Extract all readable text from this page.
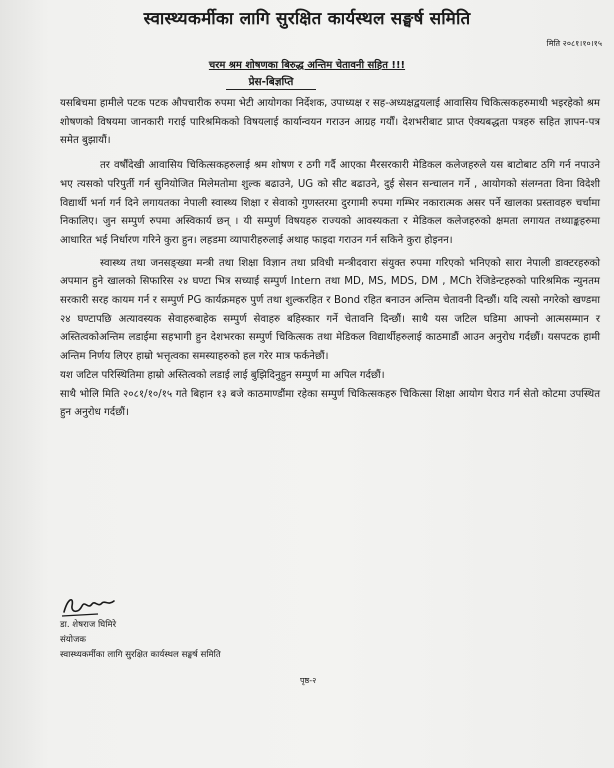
स्वास्थ्यकर्मीका लागि सुरक्षित कार्यस्थल सङ्घर्ष समिति
मिति २०८१।१०।१५
चरम श्रम शोषणका बिरुद्ध अन्तिम चेतावनी सहित !!!
प्रेस-बिज्ञप्ति

यसबिचमा हामीले पटक पटक औपचारीक रुपमा भेटी आयोगका निर्देशक, उपाध्यक्ष र सह-अध्यक्षद्वयलाई आवासिय चिकित्सकहरुमाथी भइरहेको श्रम शोषणको विषयमा जानकारी गराई पारिश्रमिकको विषयलाई कार्यान्वयन गराउन आग्रह गर्यौं। देशभरीबाट प्राप्त ऐक्यबद्धता पत्रहरु सहित ज्ञापन-पत्र समेत बुझायौं।

तर वर्षौंदेखी आवासिय चिकित्सकहरुलाई श्रम शोषण र ठगी गर्दै आएका मैरसरकारी मेडिकल कलेजहरुले यस बाटोबाट ठगि गर्न नपाउने भए त्यसको परिपुर्ती गर्न सुनियोजित मिलेमतोमा शुल्क बढाउने, UG को सीट बढाउने, दुई सेसन सन्चालन गर्ने , आयोगको संलग्नता विना विदेशी विद्यार्थी भर्ना गर्न दिने लगायतका नेपाली स्वास्थ्य शिक्षा र सेवाको गुणस्तरमा दुरगामी रुपमा गम्भिर नकारात्मक असर पर्ने खालका प्रस्तावहरु चर्चामा निकालिए। जुन सम्पुर्ण रुपमा अस्विकार्य छन् । यी सम्पुर्ण विषयहरु राज्यको आवस्यकता र मेडिकल कलेजहरुको क्षमता लगायत तथ्याङ्कहरुमा आधारित भई निर्धारण गरिने कुरा हुन। लहडमा व्यापारीहरुलाई अथाह फाइदा गराउन गर्न सकिने कुरा होइनन।

स्वास्थ्य तथा जनसङ्ख्या मन्त्री तथा शिक्षा विज्ञान तथा प्रविधी मन्त्रीदवारा संयुक्त रुपमा गरिएको भनिएको सारा नेपाली डाक्टरहरुको अपमान हुने खालको सिफारिस २४ घण्टा भित्र सच्याई सम्पुर्ण Intern तथा MD, MS, MDS, DM , MCh रेजिडेन्टहरुको पारिश्रमिक न्युनतम सरकारी सरह कायम गर्न र सम्पुर्ण PG कार्यक्रमहरु पुर्ण तथा शुल्करहित र Bond रहित बनाउन अन्तिम चेतावनी दिन्छौं। यदि त्यसो नगरेको खण्डमा २४ घण्टापछि अत्यावस्यक सेवाहरुबाहेक सम्पुर्ण सेवाहरु बहिस्कार गर्ने चेतावनि दिन्छौं। साथै यस जटिल घडिमा आफ्नो आत्मसम्मान र अस्तित्वकोअन्तिम लडाईमा सहभागी हुन देशभरका सम्पुर्ण चिकित्सक तथा मेडिकल विद्यार्थीहरुलाई काठमाडौं आउन अनुरोध गर्दछौं। यसपटक हामी अन्तिम निर्णय लिएर हाम्रो भत्तृत्वका समस्याहरुको हल गरेर मात्र फर्कनेछौं।

यश जटिल परिस्थितिमा हाम्रो अस्तित्वको लडाई लाई बुझिदिनुहुन सम्पुर्ण मा अपिल गर्दछौं।

साथै भोलि मिति २०८१/१०/१५ गते बिहान १३ बजे काठमाण्डौंमा रहेका सम्पुर्ण चिकित्सकहरु चिकित्सा शिक्षा आयोग घेराउ गर्न सेतो कोटमा उपस्थित हुन अनुरोध गर्दछौं।

डा. शेषराज घिमिरे
संयोजक
स्वास्थ्यकर्मीका लागि सुरक्षित कार्यस्थल सङ्घर्ष समिति
पृष्ठ-२
